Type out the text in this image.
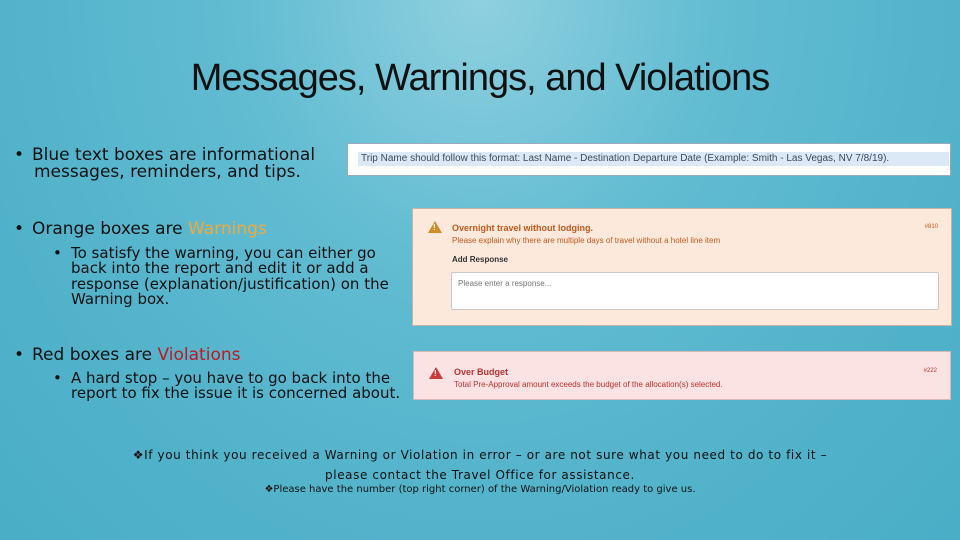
Messages, Warnings, and Violations
• Blue text boxes are informational
messages, reminders, and tips.
Trip Name should follow this format: Last Name - Destination Departure Date (Example: Smith - Las Vegas, NV 7/8/19).
• Orange boxes are Warnings
• To satisfy the warning, you can either go
back into the report and edit it or add a
response (explanation/justification) on the
Warning box.
! Overnight travel without lodging.
Please explain why there are multiple days of travel without a hotel line item
#810
Add Response
Please enter a response...
• Red boxes are Violations
• A hard stop – you have to go back into the
report to fix the issue it is concerned about.
! Over Budget
Total Pre-Approval amount exceeds the budget of the allocation(s) selected.
#222
❖If you think you received a Warning or Violation in error – or are not sure what you need to do to fix it –
please contact the Travel Office for assistance.
❖Please have the number (top right corner) of the Warning/Violation ready to give us.
